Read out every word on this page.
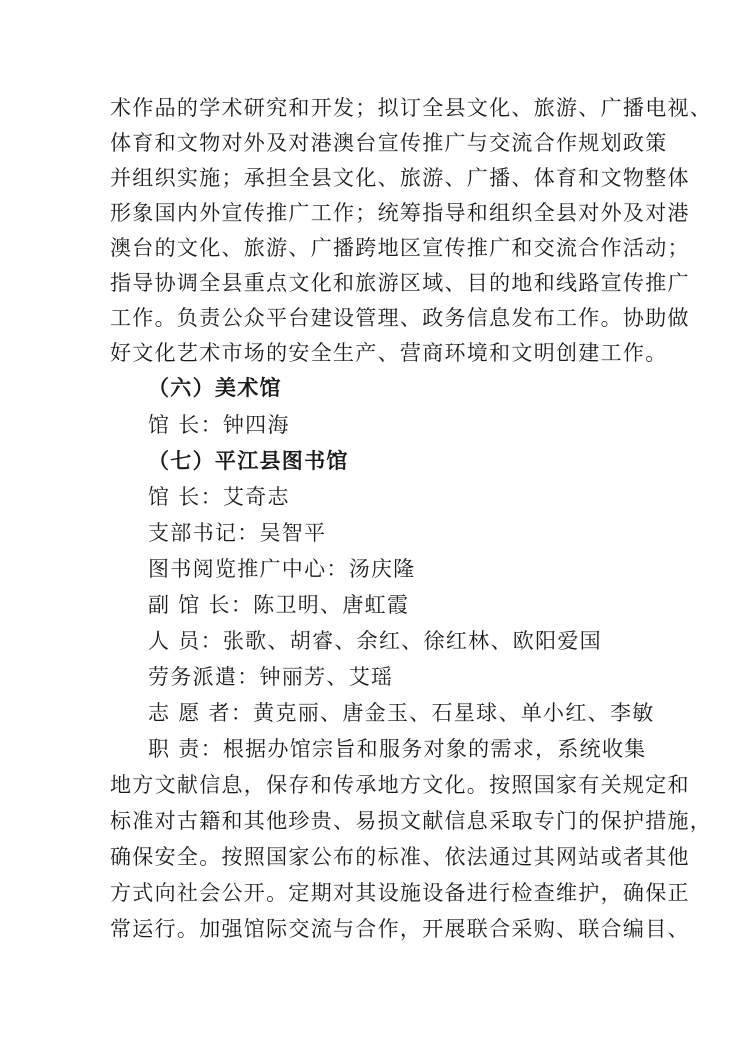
术作品的学术研究和开发；拟订全县文化、旅游、广播电视、
体育和文物对外及对港澳台宣传推广与交流合作规划政策
并组织实施；承担全县文化、旅游、广播、体育和文物整体
形象国内外宣传推广工作；统筹指导和组织全县对外及对港
澳台的文化、旅游、广播跨地区宣传推广和交流合作活动；
指导协调全县重点文化和旅游区域、目的地和线路宣传推广
工作。负责公众平台建设管理、政务信息发布工作。协助做
好文化艺术市场的安全生产、营商环境和文明创建工作。
（六）美术馆
馆 长：钟四海
（七）平江县图书馆
馆 长：艾奇志
支部书记：吴智平
图书阅览推广中心：汤庆隆
副 馆 长：陈卫明、唐虹霞
人 员：张歌、胡睿、余红、徐红林、欧阳爱国
劳务派遣：钟丽芳、艾瑶
志 愿 者：黄克丽、唐金玉、石星球、单小红、李敏
职 责：根据办馆宗旨和服务对象的需求，系统收集
地方文献信息，保存和传承地方文化。按照国家有关规定和
标准对古籍和其他珍贵、易损文献信息采取专门的保护措施，
确保安全。按照国家公布的标准、依法通过其网站或者其他
方式向社会公开。定期对其设施设备进行检查维护，确保正
常运行。加强馆际交流与合作，开展联合采购、联合编目、
